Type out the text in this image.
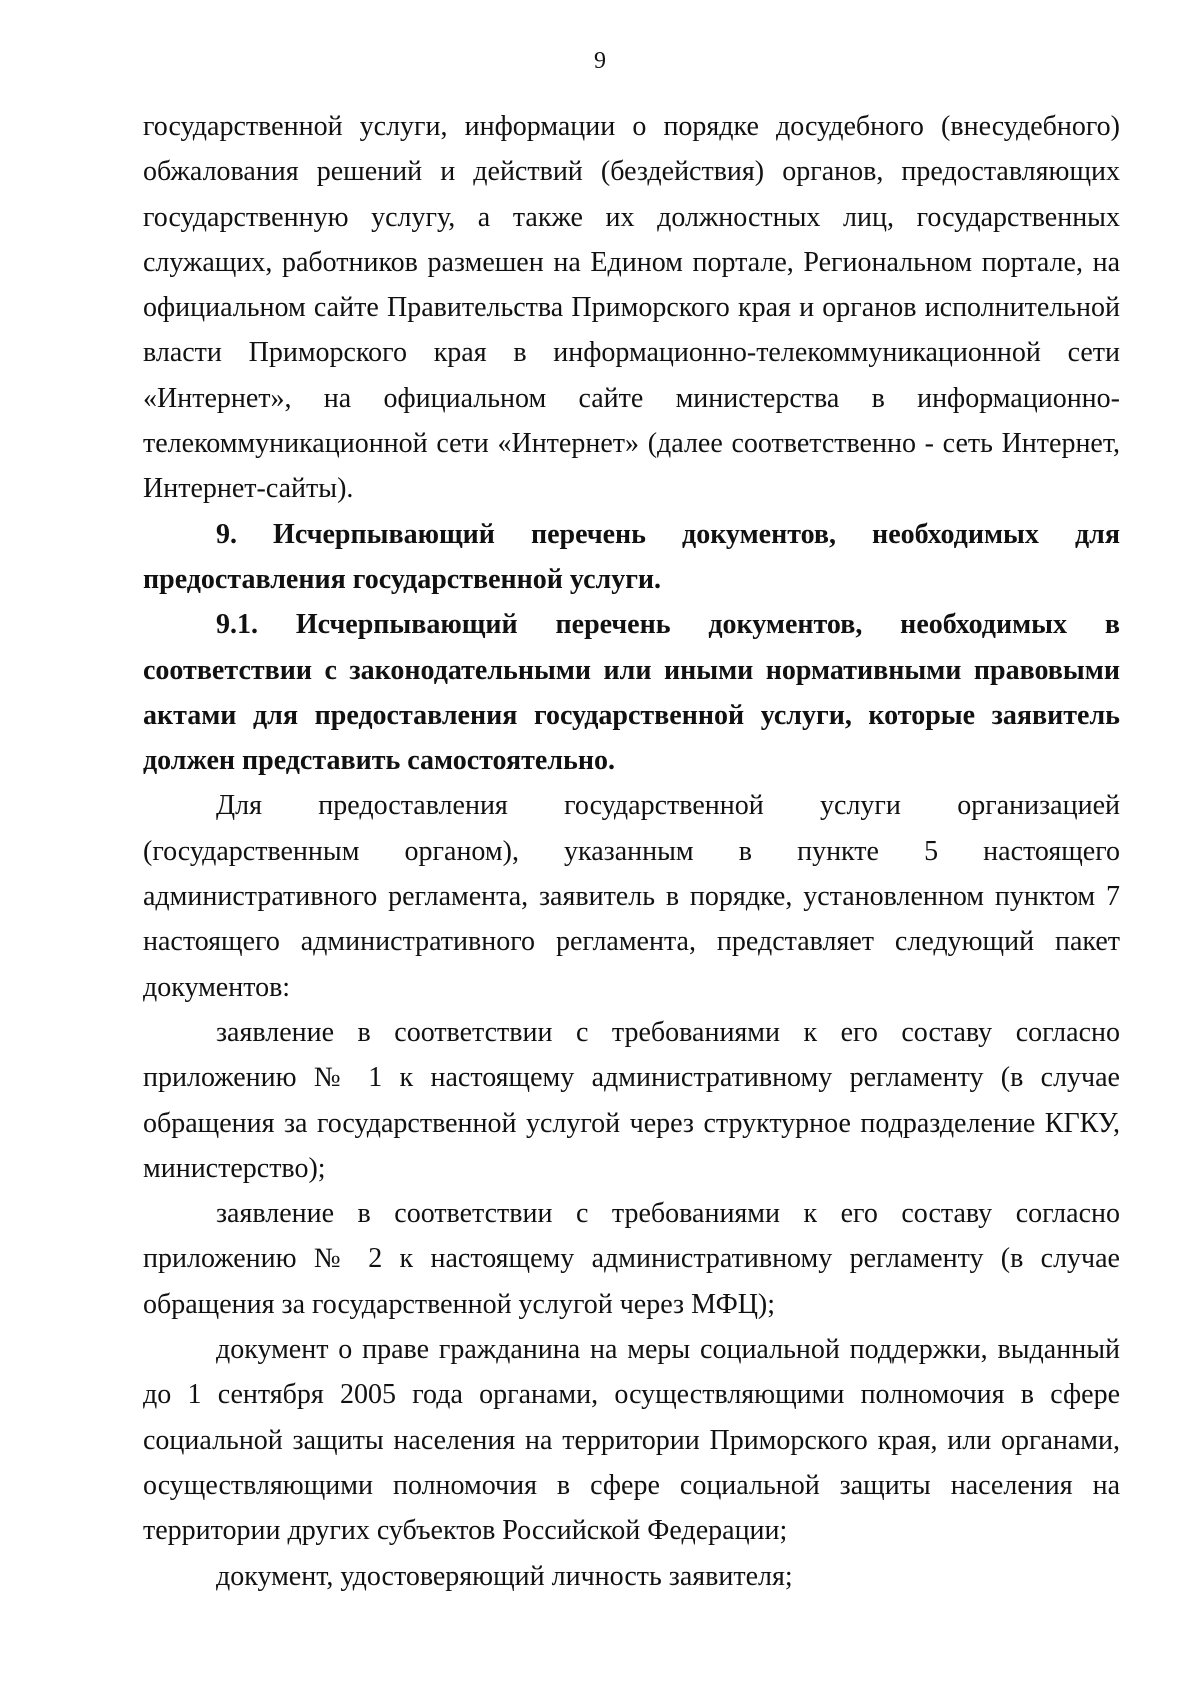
9

государственной услуги, информации о порядке досудебного (внесудебного) обжалования решений и действий (бездействия) органов, предоставляющих государственную услугу, а также их должностных лиц, государственных служащих, работников размешен на Едином портале, Региональном портале, на официальном сайте Правительства Приморского края и органов исполнительной власти Приморского края в информационно-телекоммуникационной сети «Интернет», на официальном сайте министерства в информационно-телекоммуникационной сети «Интернет» (далее соответственно - сеть Интернет, Интернет-сайты).

9. Исчерпывающий перечень документов, необходимых для предоставления государственной услуги.

9.1. Исчерпывающий перечень документов, необходимых в соответствии с законодательными или иными нормативными правовыми актами для предоставления государственной услуги, которые заявитель должен представить самостоятельно.

Для предоставления государственной услуги организацией (государственным органом), указанным в пункте 5 настоящего административного регламента, заявитель в порядке, установленном пунктом 7 настоящего административного регламента, представляет следующий пакет документов:

заявление в соответствии с требованиями к его составу согласно приложению № 1 к настоящему административному регламенту (в случае обращения за государственной услугой через структурное подразделение КГКУ, министерство);

заявление в соответствии с требованиями к его составу согласно приложению № 2 к настоящему административному регламенту (в случае обращения за государственной услугой через МФЦ);

документ о праве гражданина на меры социальной поддержки, выданный до 1 сентября 2005 года органами, осуществляющими полномочия в сфере социальной защиты населения на территории Приморского края, или органами, осуществляющими полномочия в сфере социальной защиты населения на территории других субъектов Российской Федерации;

документ, удостоверяющий личность заявителя;
